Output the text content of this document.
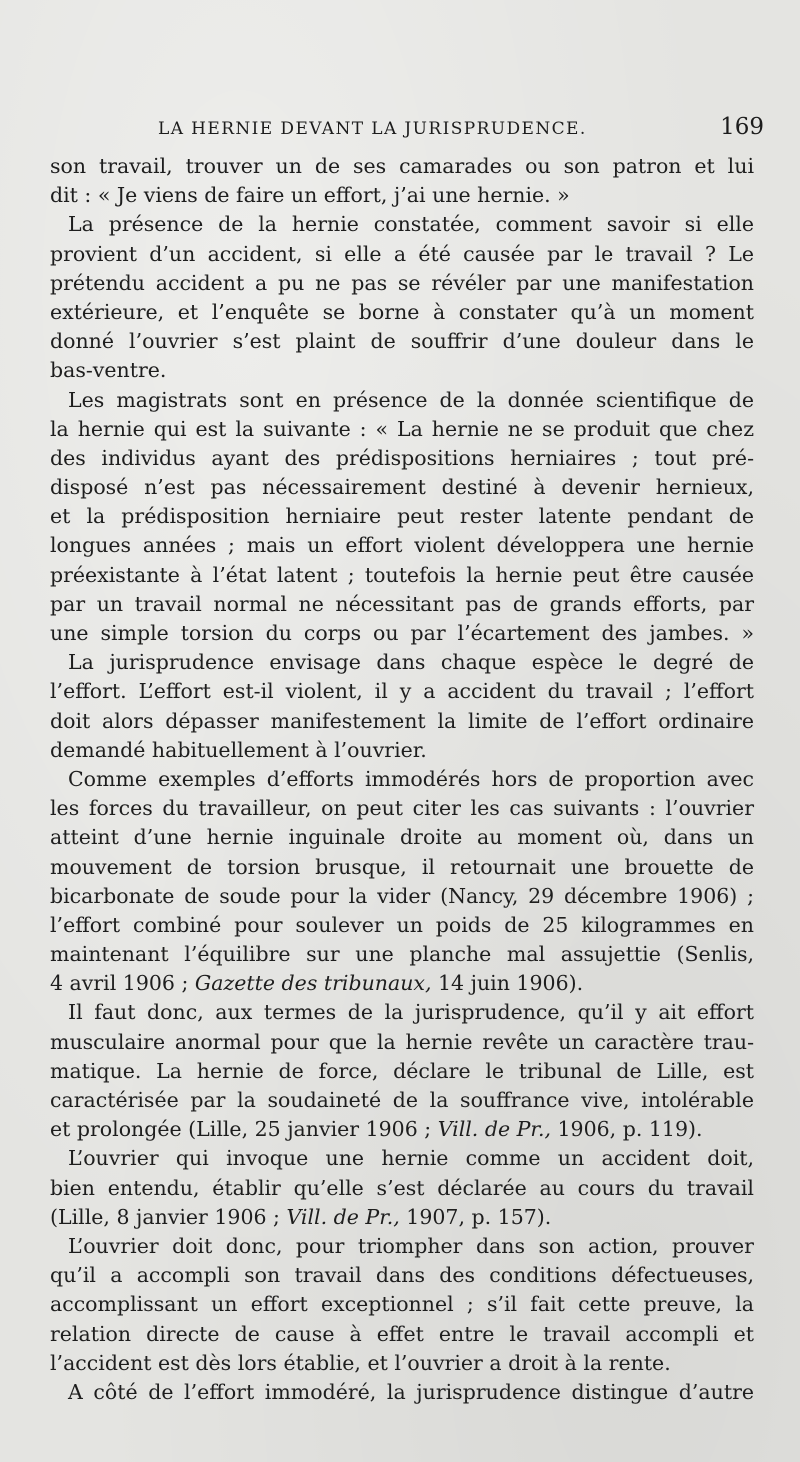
LA HERNIE DEVANT LA JURISPRUDENCE.	169
son travail, trouver un de ses camarades ou son patron et lui
dit : « Je viens de faire un effort, j’ai une hernie. »
La présence de la hernie constatée, comment savoir si elle
provient d’un accident, si elle a été causée par le travail ? Le
prétendu accident a pu ne pas se révéler par une manifestation
extérieure, et l’enquête se borne à constater qu’à un moment
donné l’ouvrier s’est plaint de souffrir d’une douleur dans le
bas-ventre.
Les magistrats sont en présence de la donnée scientifique de
la hernie qui est la suivante : « La hernie ne se produit que chez
des individus ayant des prédispositions herniaires ; tout pré-
disposé n’est pas nécessairement destiné à devenir hernieux,
et la prédisposition herniaire peut rester latente pendant de
longues années ; mais un effort violent développera une hernie
préexistante à l’état latent ; toutefois la hernie peut être causée
par un travail normal ne nécessitant pas de grands efforts, par
une simple torsion du corps ou par l’écartement des jambes. »
La jurisprudence envisage dans chaque espèce le degré de
l’effort. L’effort est-il violent, il y a accident du travail ; l’effort
doit alors dépasser manifestement la limite de l’effort ordinaire
demandé habituellement à l’ouvrier.
Comme exemples d’efforts immodérés hors de proportion avec
les forces du travailleur, on peut citer les cas suivants : l’ouvrier
atteint d’une hernie inguinale droite au moment où, dans un
mouvement de torsion brusque, il retournait une brouette de
bicarbonate de soude pour la vider (Nancy, 29 décembre 1906) ;
l’effort combiné pour soulever un poids de 25 kilogrammes en
maintenant l’équilibre sur une planche mal assujettie (Senlis,
4 avril 1906 ; Gazette des tribunaux, 14 juin 1906).
Il faut donc, aux termes de la jurisprudence, qu’il y ait effort
musculaire anormal pour que la hernie revête un caractère trau-
matique. La hernie de force, déclare le tribunal de Lille, est
caractérisée par la soudaineté de la souffrance vive, intolérable
et prolongée (Lille, 25 janvier 1906 ; Vill. de Pr., 1906, p. 119).
L’ouvrier qui invoque une hernie comme un accident doit,
bien entendu, établir qu’elle s’est déclarée au cours du travail
(Lille, 8 janvier 1906 ; Vill. de Pr., 1907, p. 157).
L’ouvrier doit donc, pour triompher dans son action, prouver
qu’il a accompli son travail dans des conditions défectueuses,
accomplissant un effort exceptionnel ; s’il fait cette preuve, la
relation directe de cause à effet entre le travail accompli et
l’accident est dès lors établie, et l’ouvrier a droit à la rente.
A côté de l’effort immodéré, la jurisprudence distingue d’autre
